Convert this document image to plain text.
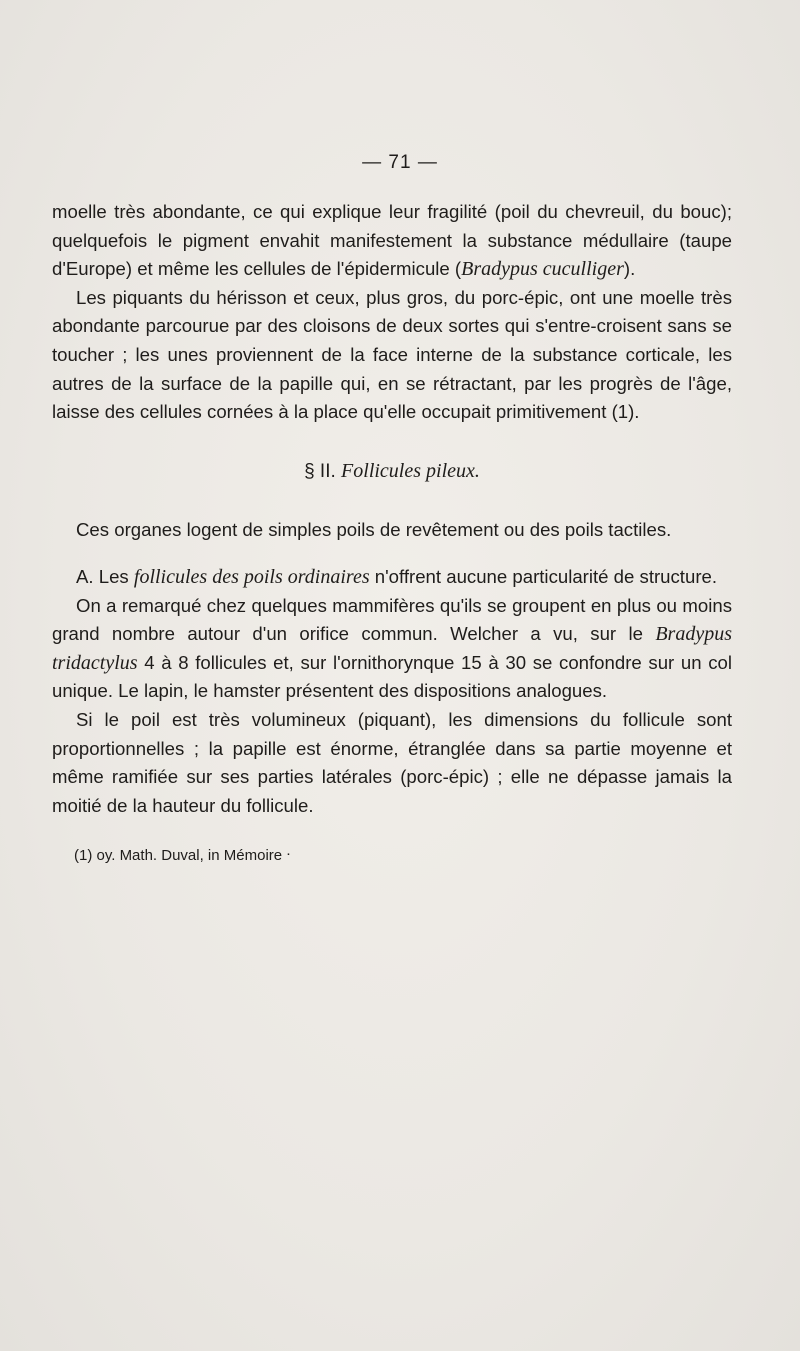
— 71 —

moelle très abondante, ce qui explique leur fragilité (poil du chevreuil, du bouc); quelquefois le pigment envahit manifestement la substance médullaire (taupe d'Europe) et même les cellules de l'épidermicule (Bradypus cuculliger).

Les piquants du hérisson et ceux, plus gros, du porc-épic, ont une moelle très abondante parcourue par des cloisons de deux sortes qui s'entre-croisent sans se toucher ; les unes proviennent de la face interne de la substance corticale, les autres de la surface de la papille qui, en se rétractant, par les progrès de l'âge, laisse des cellules cornées à la place qu'elle occupait primitivement (1).

§ II. Follicules pileux.

Ces organes logent de simples poils de revêtement ou des poils tactiles.

A. Les follicules des poils ordinaires n'offrent aucune particularité de structure.

On a remarqué chez quelques mammifères qu'ils se groupent en plus ou moins grand nombre autour d'un orifice commun. Welcher a vu, sur le Bradypus tridactylus 4 à 8 follicules et, sur l'ornithorynque 15 à 30 se confondre sur un col unique. Le lapin, le hamster présentent des dispositions analogues.

Si le poil est très volumineux (piquant), les dimensions du follicule sont proportionnelles ; la papille est énorme, étranglée dans sa partie moyenne et même ramifiée sur ses parties latérales (porc-épic) ; elle ne dépasse jamais la moitié de la hauteur du follicule.

(1) oy. Math. Duval, in Mémoire ᐧ
